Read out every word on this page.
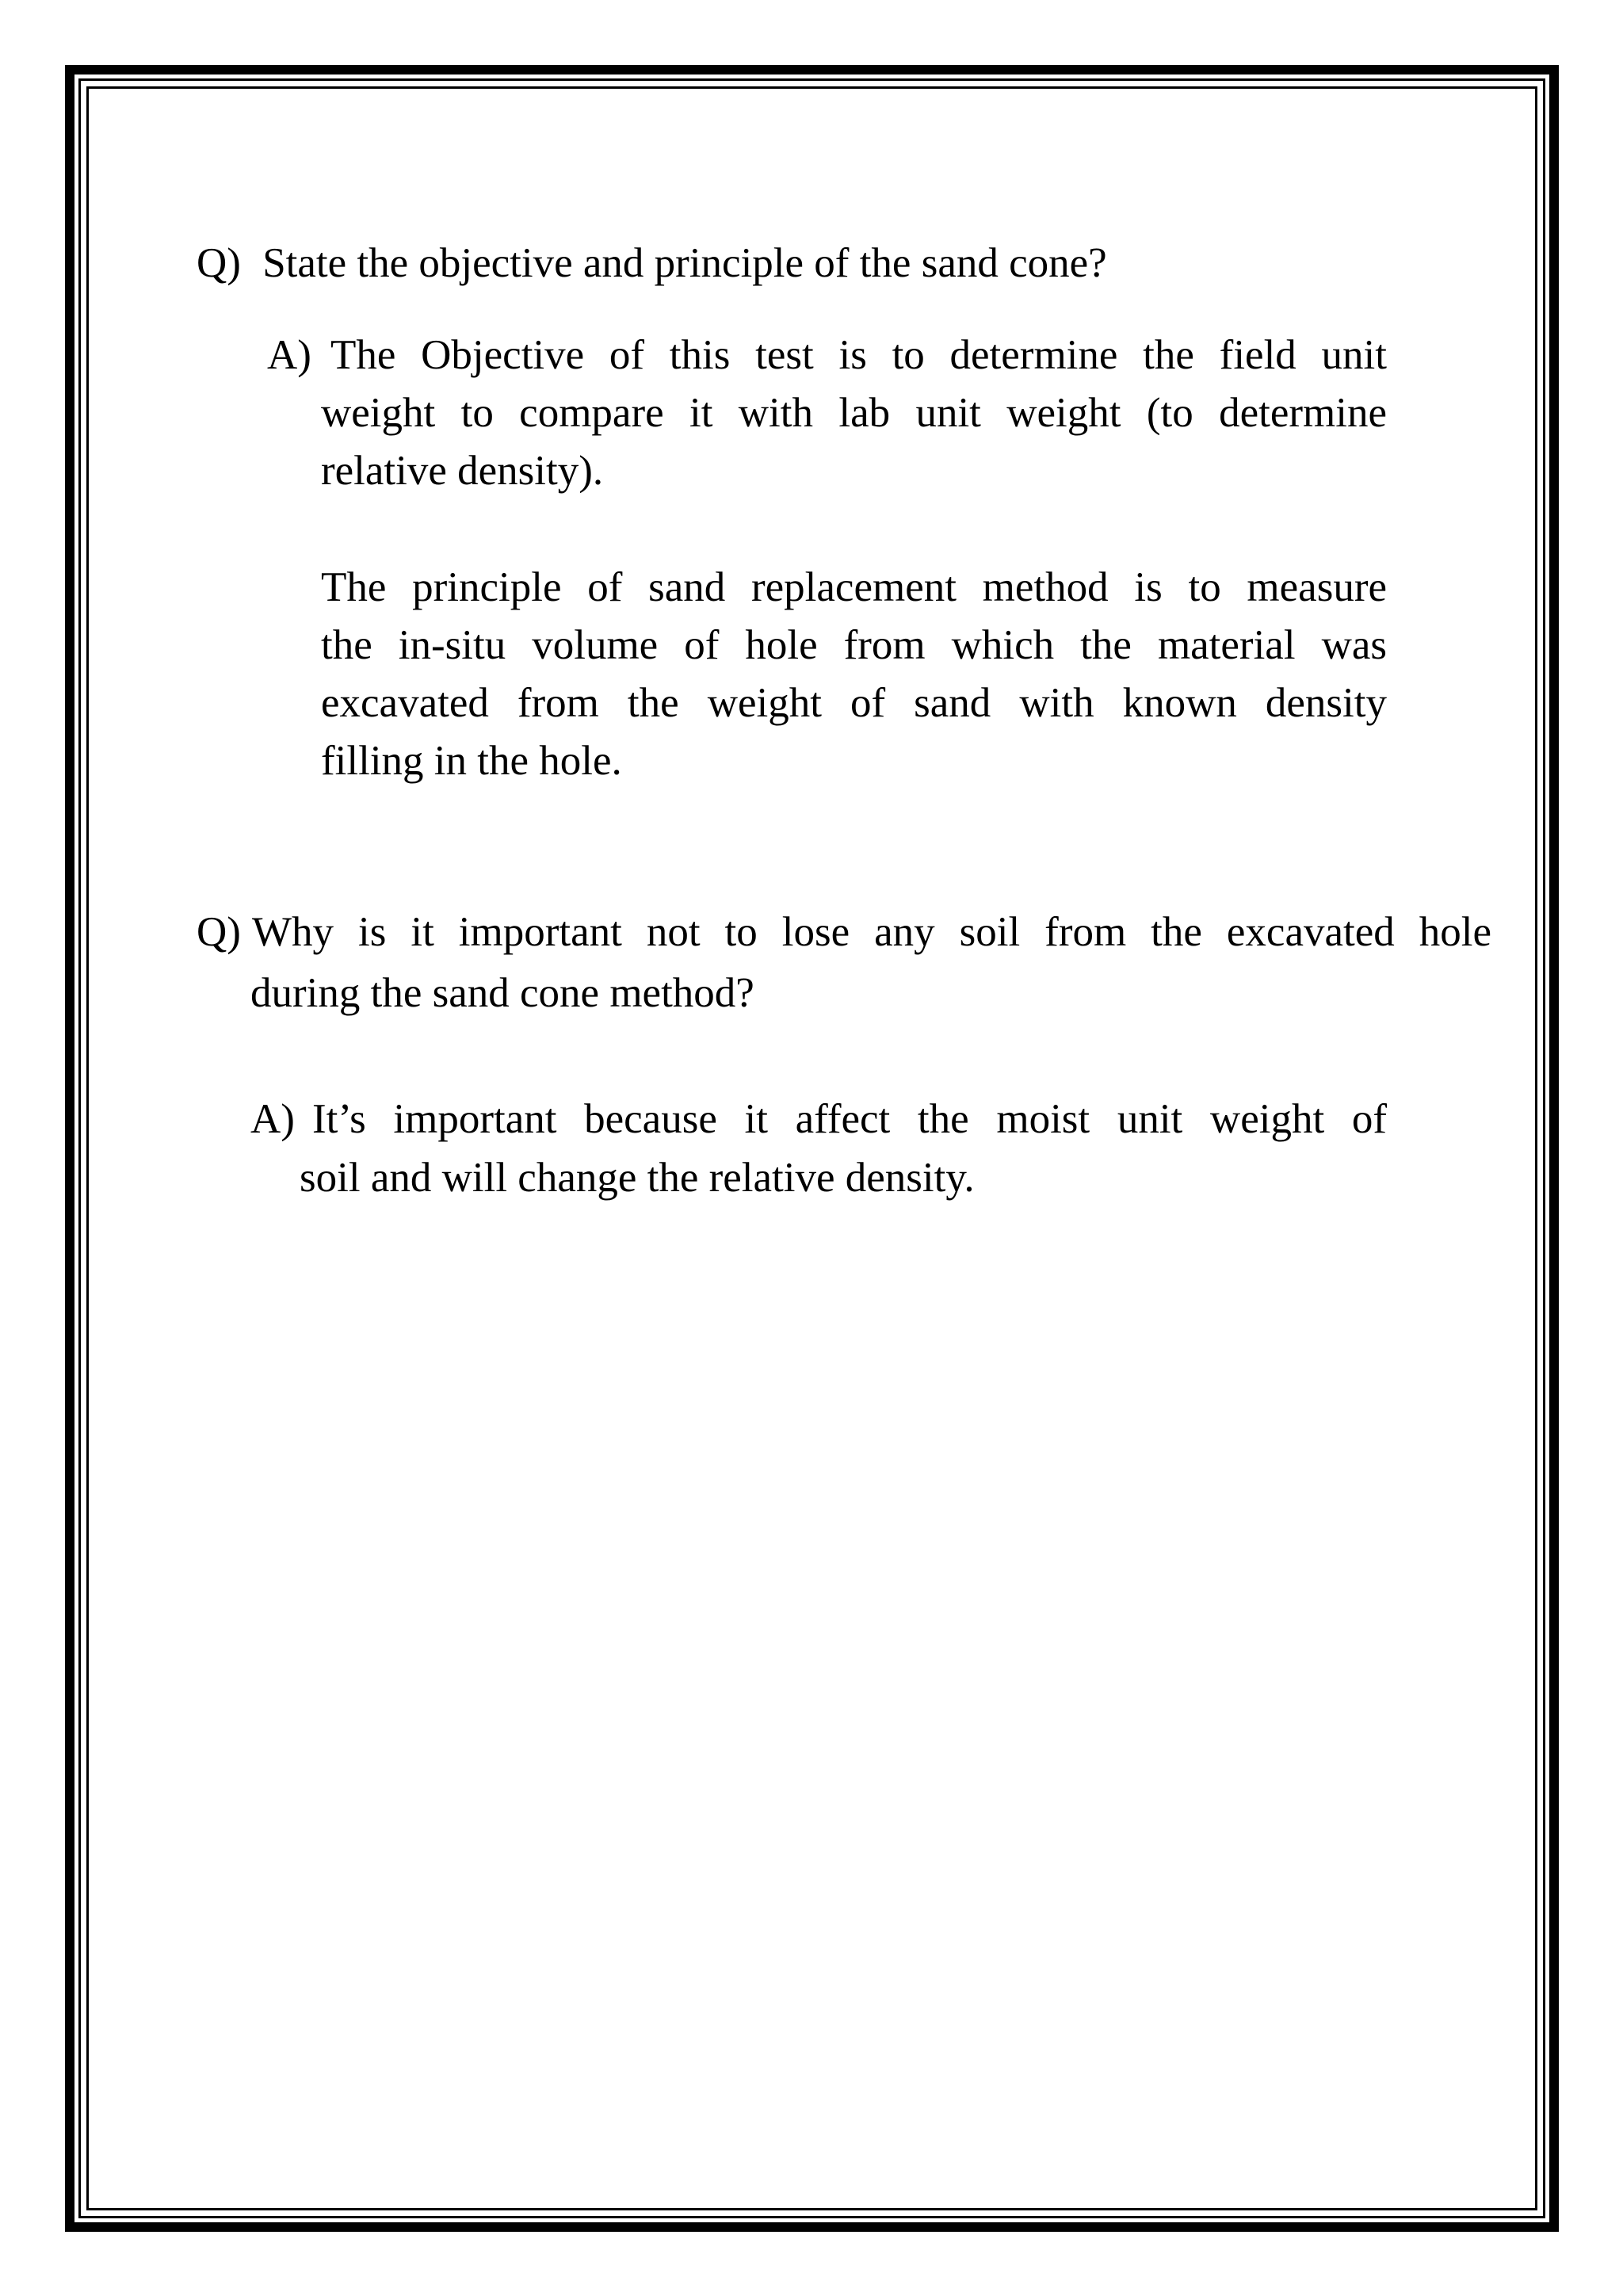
Q) State the objective and principle of the sand cone?
A) The Objective of this test is to determine the field unit
weight to compare it with lab unit weight (to determine
relative density).
The principle of sand replacement method is to measure
the in-situ volume of hole from which the material was
excavated from the weight of sand with known density
filling in the hole.
Q) Why is it important not to lose any soil from the excavated hole
during the sand cone method?
A) It’s important because it affect the moist unit weight of
soil and will change the relative density.
